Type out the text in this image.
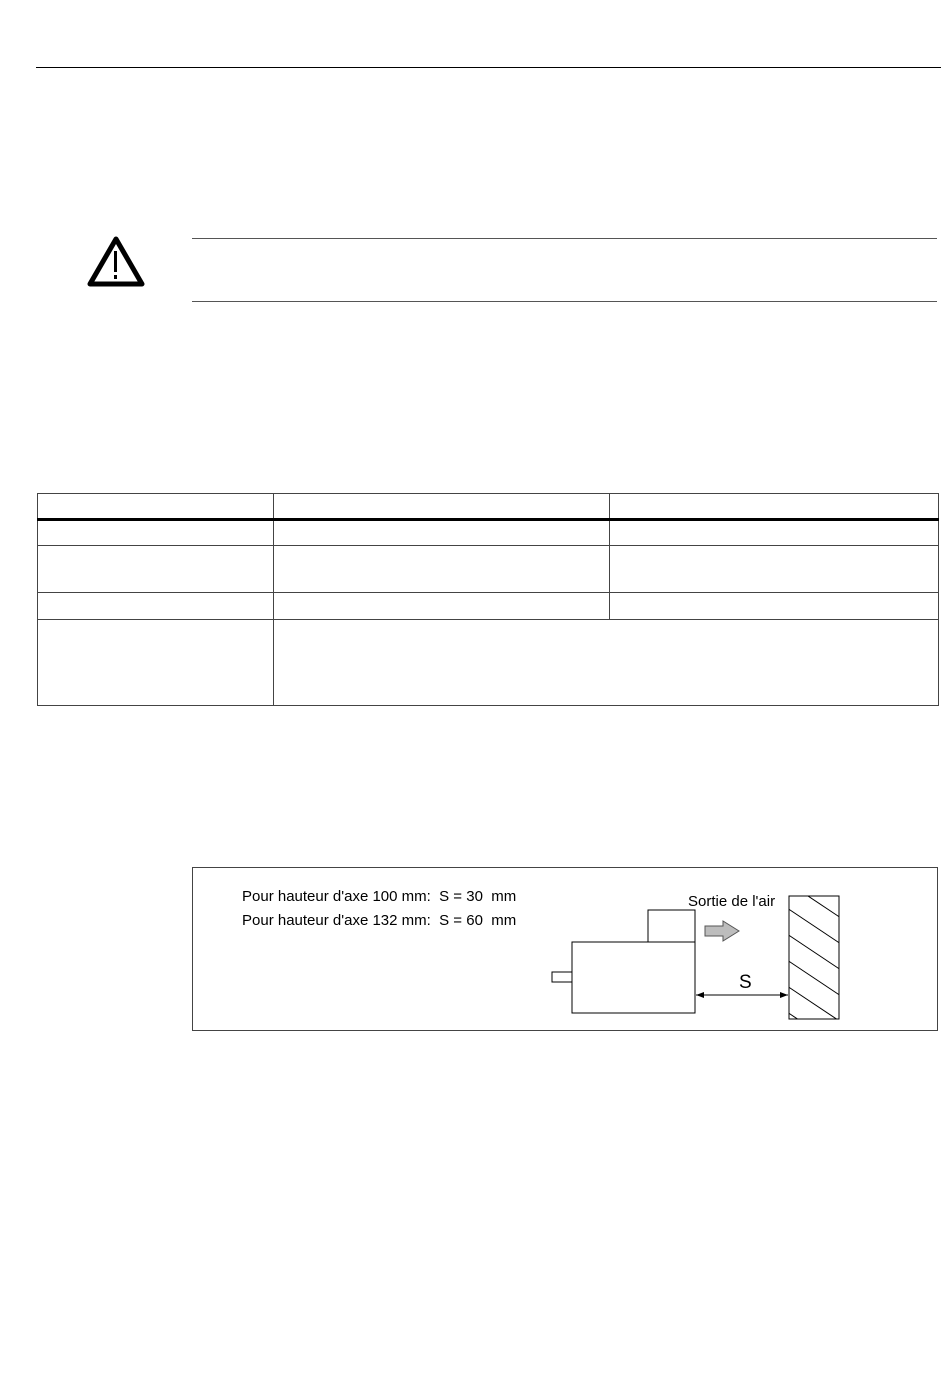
Pour hauteur d'axe 100 mm:  S = 30  mm
Pour hauteur d'axe 132 mm:  S = 60  mm
Sortie de l'air
S
